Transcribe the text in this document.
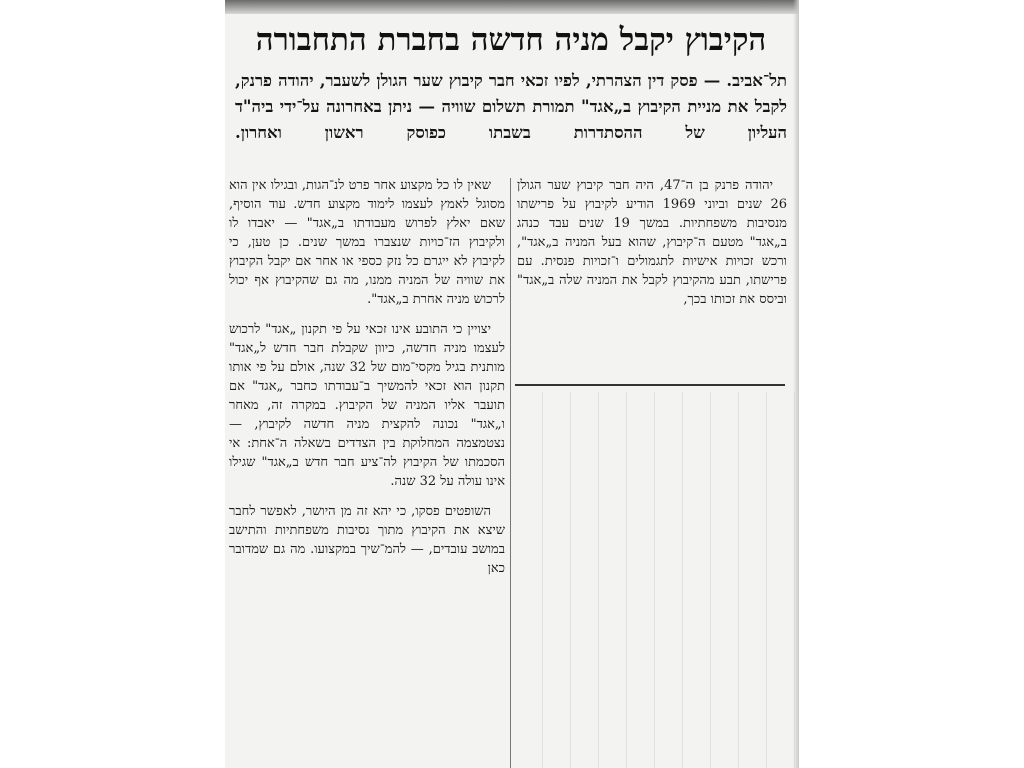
הקיבוץ יקבל מניה חדשה בחברת התחבורה
תל־אביב. — פסק דין הצהרתי, לפיו זכאי חבר קיבוץ שער הגולן לשעבר, יהודה פרנק, לקבל את מניית הקיבוץ ב„אגד" תמורת תשלום שוויה — ניתן באחרונה על־ידי ביה"ד העליון של ההסתדרות בשבתו כפוסק ראשון ואחרון.

יהודה פרנק בן ה־47, היה חבר קיבוץ שער הגולן 26 שנים וביוני 1969 הודיע לקיבוץ על פרישתו מנסיבות משפחתיות. במשך 19 שנים עבד כנהג ב„אגד" מטעם ה־קיבוץ, שהוא בעל המניה ב„אגד", ורכש זכויות אישיות לתגמולים ו־זכויות פנסית. עם פרישתו, תבע מהקיבוץ לקבל את המניה שלה ב„אגד" וביסס את זכותו בכך,

שאין לו כל מקצוע אחר פרט לנ־הגות, ובגילו אין הוא מסוגל לאמץ לעצמו לימוד מקצוע חדש. עוד הוסיף, שאם יאלץ לפרוש מעבודתו ב„אגד" — יאבדו לו ולקיבוץ הז־כויות שנצברו במשך שנים. כן טען, כי לקיבוץ לא ייגרם כל נזק כספי או אחר אם יקבל הקיבוץ את שוויה של המניה ממנו, מה גם שהקיבוץ אף יכול לרכוש מניה אחרת ב„אגד".

יצויין כי התובע אינו זכאי על פי תקנון „אגד" לרכוש לעצמו מניה חדשה, כיוון שקבלת חבר חדש ל„אגד" מותנית בגיל מקסי־מום של 32 שנה, אולם על פי אותו תקנון הוא זכאי להמשיך ב־עבודתו כחבר „אגד" אם תועבר אליו המניה של הקיבוץ. במקרה זה, מאחר ו„אגד" נכונה להקצית מניה חדשה לקיבוץ, — נצטמצמה המחלוקת בין הצדדים בשאלה ה־אחת: אי הסכמתו של הקיבוץ לה־ציע חבר חדש ב„אגד" שגילו אינו עולה על 32 שנה.

השופטים פסקו, כי יהא זה מן היושר, לאפשר לחבר שיצא את הקיבוץ מתוך נסיבות משפחתיות והתישב במושב עובדים, — להמ־שיך במקצועו. מה גם שמדובר כאן
